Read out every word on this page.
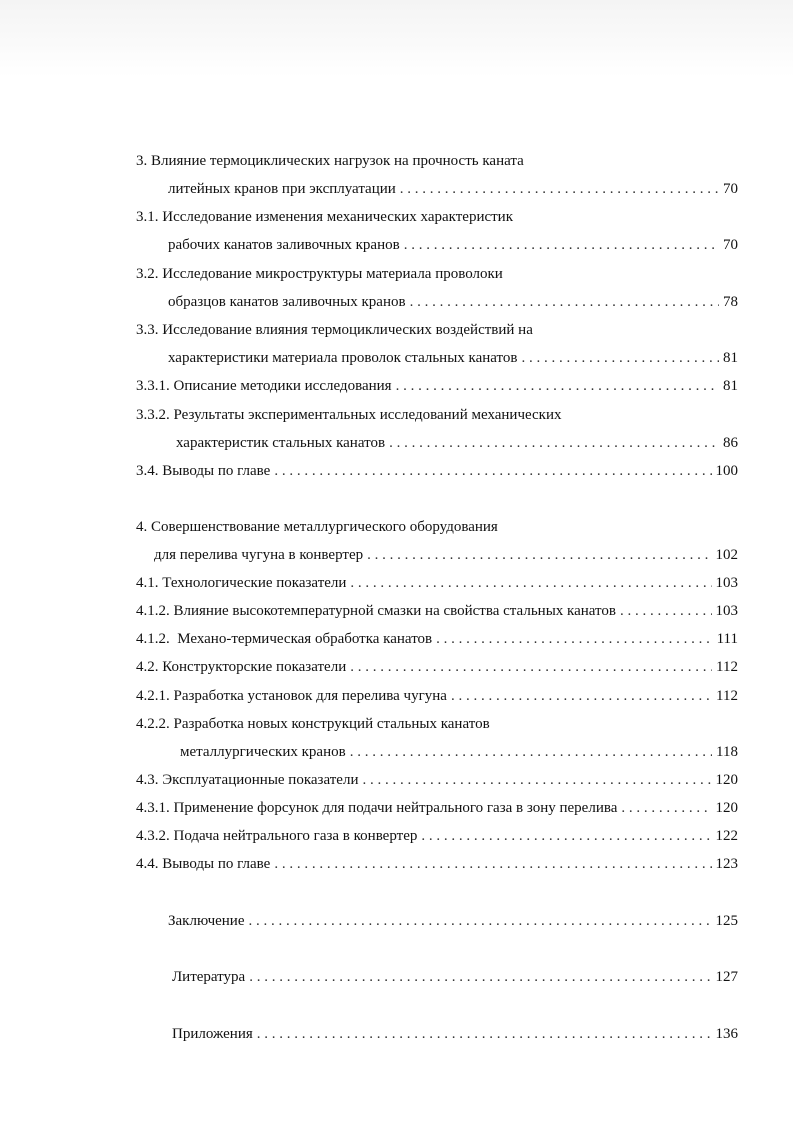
3. Влияние термоциклических нагрузок на прочность каната
литейных кранов при эксплуатации . . .	70
3.1. Исследование изменения механических характеристик
рабочих канатов заливочных кранов . . .	70
3.2. Исследование микроструктуры материала проволоки
образцов канатов заливочных кранов . . .	78
3.3. Исследование влияния термоциклических воздействий на
характеристики материала проволок стальных канатов . . .	81
3.3.1. Описание методики исследования . . .	81
3.3.2. Результаты экспериментальных исследований механических
характеристик стальных канатов . . .	86
3.4. Выводы по главе . . .	100
4. Совершенствование металлургического оборудования
для перелива чугуна в конвертер . . .	102
4.1. Технологические показатели . . .	103
4.1.2. Влияние высокотемпературной смазки на свойства стальных канатов . . .	103
4.1.2.  Механо-термическая обработка канатов . . .	111
4.2. Конструкторские показатели . . .	112
4.2.1. Разработка установок для перелива чугуна . . .	112
4.2.2. Разработка новых конструкций стальных канатов
металлургических кранов . . .	118
4.3. Эксплуатационные показатели . . .	120
4.3.1. Применение форсунок для подачи нейтрального газа в зону перелива . . .	120
4.3.2. Подача нейтрального газа в конвертер . . .	122
4.4. Выводы по главе . . .	123
Заключение . . .	125
Литература . . .	127
Приложения . . .	136
